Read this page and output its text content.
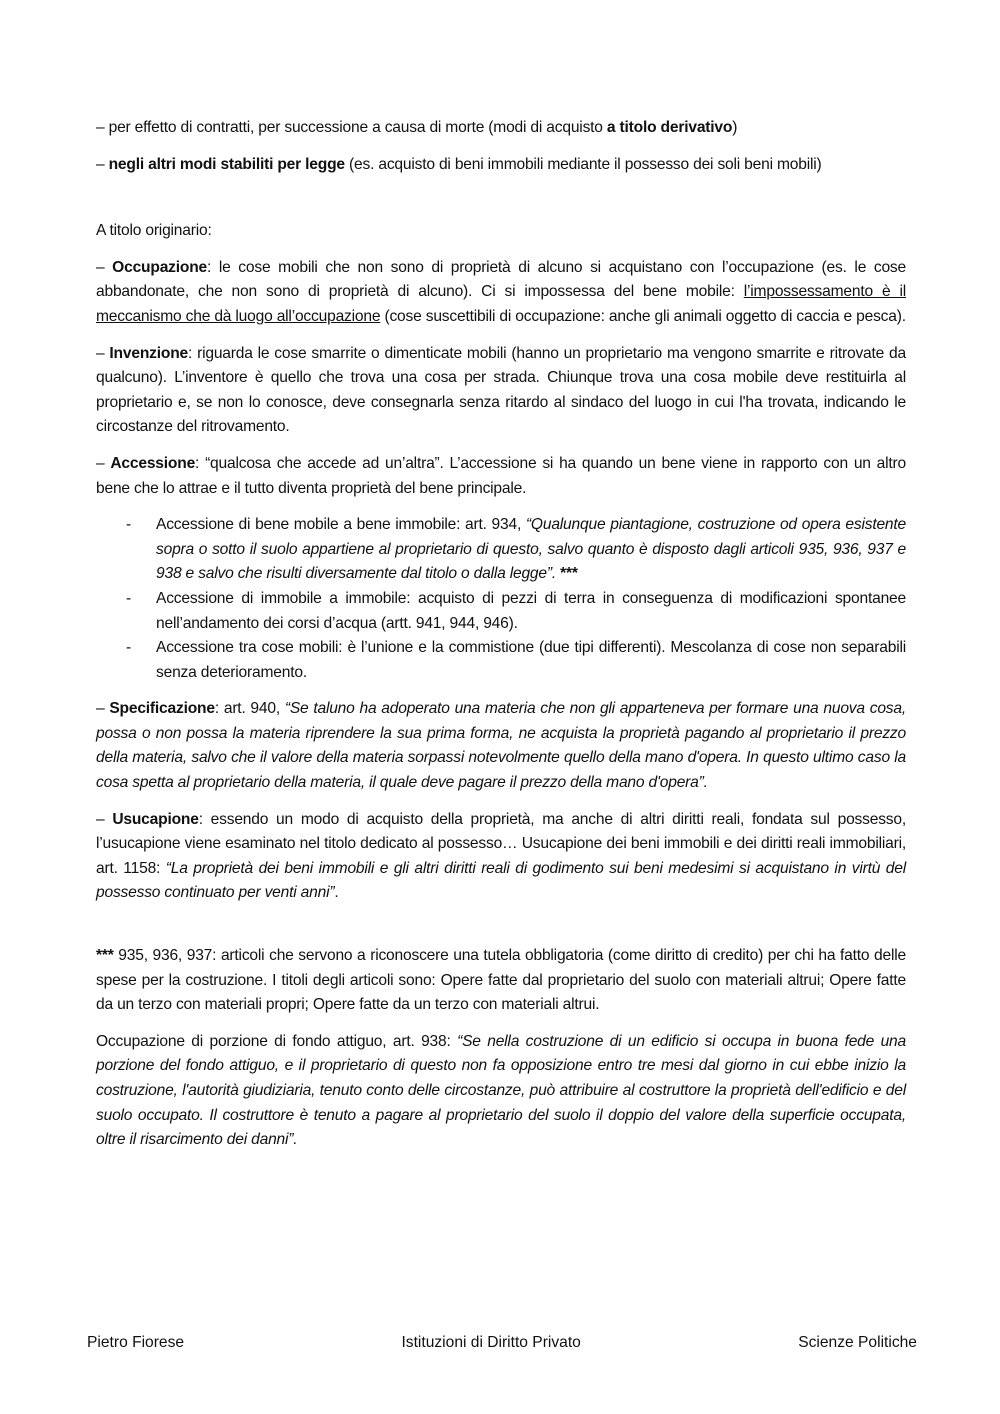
– per effetto di contratti, per successione a causa di morte (modi di acquisto a titolo derivativo)

– negli altri modi stabiliti per legge (es. acquisto di beni immobili mediante il possesso dei soli beni mobili)

A titolo originario:

– Occupazione: le cose mobili che non sono di proprietà di alcuno si acquistano con l’occupazione (es. le cose abbandonate, che non sono di proprietà di alcuno). Ci si impossessa del bene mobile: l’impossessamento è il meccanismo che dà luogo all’occupazione (cose suscettibili di occupazione: anche gli animali oggetto di caccia e pesca).

– Invenzione: riguarda le cose smarrite o dimenticate mobili (hanno un proprietario ma vengono smarrite e ritrovate da qualcuno). L’inventore è quello che trova una cosa per strada. Chiunque trova una cosa mobile deve restituirla al proprietario e, se non lo conosce, deve consegnarla senza ritardo al sindaco del luogo in cui l'ha trovata, indicando le circostanze del ritrovamento.

– Accessione: “qualcosa che accede ad un’altra”. L’accessione si ha quando un bene viene in rapporto con un altro bene che lo attrae e il tutto diventa proprietà del bene principale.

- Accessione di bene mobile a bene immobile: art. 934, “Qualunque piantagione, costruzione od opera esistente sopra o sotto il suolo appartiene al proprietario di questo, salvo quanto è disposto dagli articoli 935, 936, 937 e 938 e salvo che risulti diversamente dal titolo o dalla legge”. ***
- Accessione di immobile a immobile: acquisto di pezzi di terra in conseguenza di modificazioni spontanee nell’andamento dei corsi d’acqua (artt. 941, 944, 946).
- Accessione tra cose mobili: è l’unione e la commistione (due tipi differenti). Mescolanza di cose non separabili senza deterioramento.

– Specificazione: art. 940, “Se taluno ha adoperato una materia che non gli apparteneva per formare una nuova cosa, possa o non possa la materia riprendere la sua prima forma, ne acquista la proprietà pagando al proprietario il prezzo della materia, salvo che il valore della materia sorpassi notevolmente quello della mano d'opera. In questo ultimo caso la cosa spetta al proprietario della materia, il quale deve pagare il prezzo della mano d'opera”.

– Usucapione: essendo un modo di acquisto della proprietà, ma anche di altri diritti reali, fondata sul possesso, l’usucapione viene esaminato nel titolo dedicato al possesso… Usucapione dei beni immobili e dei diritti reali immobiliari, art. 1158: “La proprietà dei beni immobili e gli altri diritti reali di godimento sui beni medesimi si acquistano in virtù del possesso continuato per venti anni”.

*** 935, 936, 937: articoli che servono a riconoscere una tutela obbligatoria (come diritto di credito) per chi ha fatto delle spese per la costruzione. I titoli degli articoli sono: Opere fatte dal proprietario del suolo con materiali altrui; Opere fatte da un terzo con materiali propri; Opere fatte da un terzo con materiali altrui.

Occupazione di porzione di fondo attiguo, art. 938: “Se nella costruzione di un edificio si occupa in buona fede una porzione del fondo attiguo, e il proprietario di questo non fa opposizione entro tre mesi dal giorno in cui ebbe inizio la costruzione, l'autorità giudiziaria, tenuto conto delle circostanze, può attribuire al costruttore la proprietà dell'edificio e del suolo occupato. Il costruttore è tenuto a pagare al proprietario del suolo il doppio del valore della superficie occupata, oltre il risarcimento dei danni”.

Pietro Fiorese	Istituzioni di Diritto Privato	Scienze Politiche
